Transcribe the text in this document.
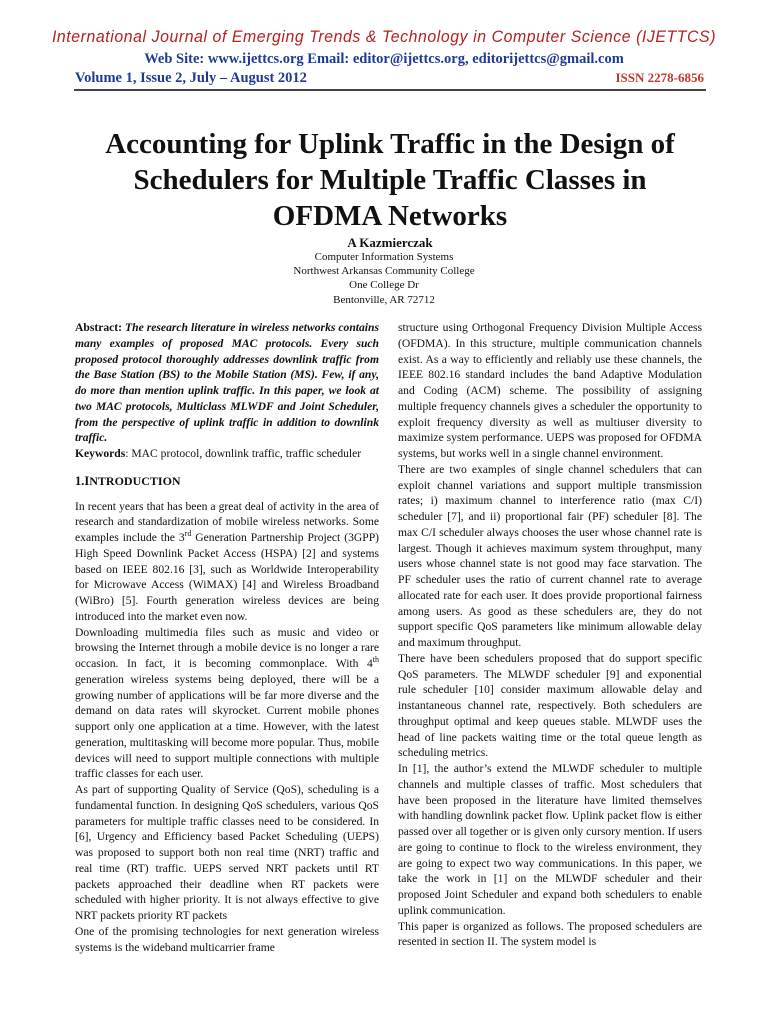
International Journal of Emerging Trends & Technology in Computer Science (IJETTCS)
Web Site: www.ijettcs.org Email: editor@ijettcs.org, editorijettcs@gmail.com
Volume 1, Issue 2, July – August 2012	ISSN 2278-6856
Accounting for Uplink Traffic in the Design of Schedulers for Multiple Traffic Classes in OFDMA Networks
A Kazmierczak
Computer Information Systems
Northwest Arkansas Community College
One College Dr
Bentonville, AR 72712

Abstract: The research literature in wireless networks contains many examples of proposed MAC protocols. Every such proposed protocol thoroughly addresses downlink traffic from the Base Station (BS) to the Mobile Station (MS). Few, if any, do more than mention uplink traffic. In this paper, we look at two MAC protocols, Multiclass MLWDF and Joint Scheduler, from the perspective of uplink traffic in addition to downlink traffic.

Keywords: MAC protocol, downlink traffic, traffic scheduler

1.INTRODUCTION

In recent years that has been a great deal of activity in the area of research and standardization of mobile wireless networks. Some examples include the 3rd Generation Partnership Project (3GPP) High Speed Downlink Packet Access (HSPA) [2] and systems based on IEEE 802.16 [3], such as Worldwide Interoperability for Microwave Access (WiMAX) [4] and Wireless Broadband (WiBro) [5]. Fourth generation wireless devices are being introduced into the market even now.

Downloading multimedia files such as music and video or browsing the Internet through a mobile device is no longer a rare occasion. In fact, it is becoming commonplace. With 4th generation wireless systems being deployed, there will be a growing number of applications will be far more diverse and the demand on data rates will skyrocket. Current mobile phones support only one application at a time. However, with the latest generation, multitasking will become more popular. Thus, mobile devices will need to support multiple connections with multiple traffic classes for each user.

As part of supporting Quality of Service (QoS), scheduling is a fundamental function. In designing QoS schedulers, various QoS parameters for multiple traffic classes need to be considered. In [6], Urgency and Efficiency based Packet Scheduling (UEPS) was proposed to support both non real time (NRT) traffic and real time (RT) traffic. UEPS served NRT packets until RT packets approached their deadline when RT packets were scheduled with higher priority. It is not always effective to give NRT packets priority RT packets

One of the promising technologies for next generation wireless systems is the wideband multicarrier frame

structure using Orthogonal Frequency Division Multiple Access (OFDMA). In this structure, multiple communication channels exist. As a way to efficiently and reliably use these channels, the IEEE 802.16 standard includes the band Adaptive Modulation and Coding (ACM) scheme. The possibility of assigning multiple frequency channels gives a scheduler the opportunity to exploit frequency diversity as well as multiuser diversity to maximize system performance. UEPS was proposed for OFDMA systems, but works well in a single channel environment.

There are two examples of single channel schedulers that can exploit channel variations and support multiple transmission rates; i) maximum channel to interference ratio (max C/I) scheduler [7], and ii) proportional fair (PF) scheduler [8]. The max C/I scheduler always chooses the user whose channel rate is largest. Though it achieves maximum system throughput, many users whose channel state is not good may face starvation. The PF scheduler uses the ratio of current channel rate to average allocated rate for each user. It does provide proportional fairness among users. As good as these schedulers are, they do not support specific QoS parameters like minimum allowable delay and maximum throughput.

There have been schedulers proposed that do support specific QoS parameters. The MLWDF scheduler [9] and exponential rule scheduler [10] consider maximum allowable delay and instantaneous channel rate, respectively. Both schedulers are throughput optimal and keep queues stable. MLWDF uses the head of line packets waiting time or the total queue length as scheduling metrics.

In [1], the author’s extend the MLWDF scheduler to multiple channels and multiple classes of traffic. Most schedulers that have been proposed in the literature have limited themselves with handling downlink packet flow. Uplink packet flow is either passed over all together or is given only cursory mention. If users are going to continue to flock to the wireless environment, they are going to expect two way communications. In this paper, we take the work in [1] on the MLWDF scheduler and their proposed Joint Scheduler and expand both schedulers to enable uplink communication.

This paper is organized as follows. The proposed schedulers are resented in section II. The system model is
